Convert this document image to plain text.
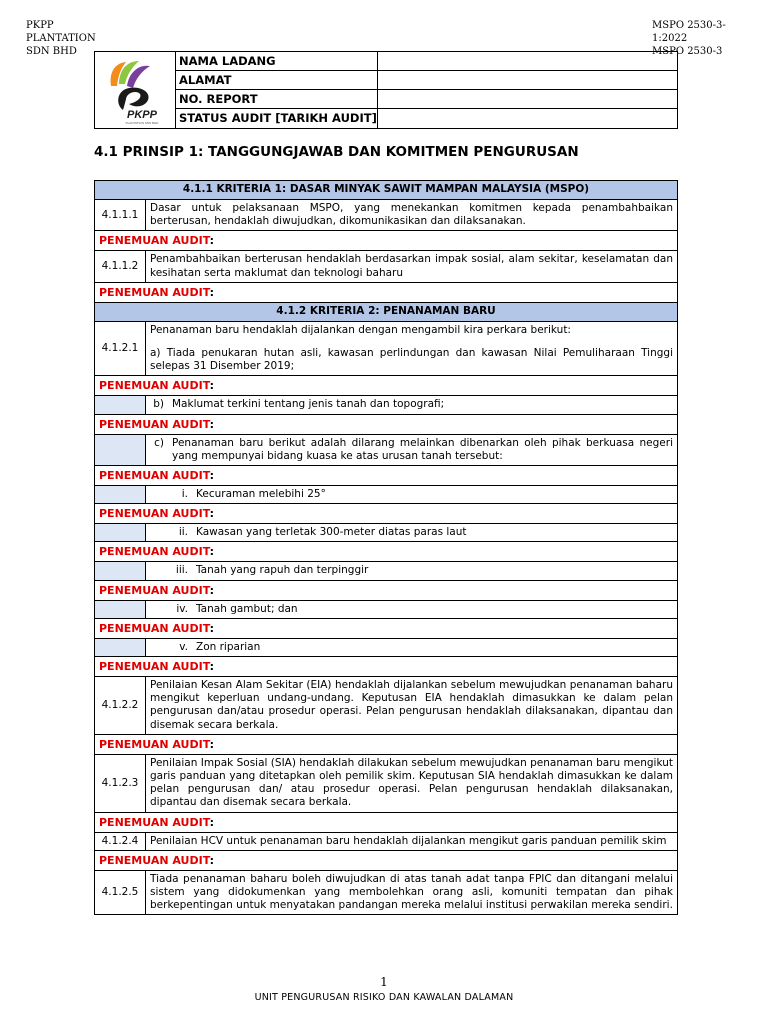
PKPP
PLANTATION
SDN BHD
MSPO 2530-3-
1:2022
MSPO 2530-3
PKPP
PLANTATION SDN BHD
NAMA LADANG
ALAMAT
NO. REPORT
STATUS AUDIT [TARIKH AUDIT]
4.1 PRINSIP 1: TANGGUNGJAWAB DAN KOMITMEN PENGURUSAN
4.1.1 KRITERIA 1: DASAR MINYAK SAWIT MAMPAN MALAYSIA (MSPO)	
4.1.1.1	Dasar untuk pelaksanaan MSPO, yang menekankan komitmen kepada penambahbaikan berterusan, hendaklah diwujudkan, dikomunikasikan dan dilaksanakan.
PENEMUAN AUDIT:	
4.1.1.2	Penambahbaikan berterusan hendaklah berdasarkan impak sosial, alam sekitar, keselamatan dan kesihatan serta maklumat dan teknologi baharu
PENEMUAN AUDIT:	
4.1.2 KRITERIA 2: PENANAMAN BARU	
4.1.2.1	Penanaman baru hendaklah dijalankan dengan mengambil kira perkara berikut:
a) Tiada penukaran hutan asli, kawasan perlindungan dan kawasan Nilai Pemuliharaan Tinggi selepas 31 Disember 2019;

PENEMUAN AUDIT:	

	b) Maklumat terkini tentang jenis tanah dan topografi;

PENEMUAN AUDIT:	

	c) Penanaman baru berikut adalah dilarang melainkan dibenarkan oleh pihak berkuasa negeri yang mempunyai bidang kuasa ke atas urusan tanah tersebut:

PENEMUAN AUDIT:	

	i. Kecuraman melebihi 25°

PENEMUAN AUDIT:	

	ii. Kawasan yang terletak 300-meter diatas paras laut

PENEMUAN AUDIT:	

	iii. Tanah yang rapuh dan terpinggir

PENEMUAN AUDIT:	

	iv. Tanah gambut; dan

PENEMUAN AUDIT:	

	v. Zon riparian

PENEMUAN AUDIT:	
4.1.2.2	Penilaian Kesan Alam Sekitar (EIA) hendaklah dijalankan sebelum mewujudkan penanaman baharu mengikut keperluan undang-undang. Keputusan EIA hendaklah dimasukkan ke dalam pelan pengurusan dan/atau prosedur operasi. Pelan pengurusan hendaklah dilaksanakan, dipantau dan disemak secara berkala.
PENEMUAN AUDIT:	
4.1.2.3	Penilaian Impak Sosial (SIA) hendaklah dilakukan sebelum mewujudkan penanaman baru mengikut garis panduan yang ditetapkan oleh pemilik skim. Keputusan SIA hendaklah dimasukkan ke dalam pelan pengurusan dan/ atau prosedur operasi. Pelan pengurusan hendaklah dilaksanakan, dipantau dan disemak secara berkala.
PENEMUAN AUDIT:	
4.1.2.4	Penilaian HCV untuk penanaman baru hendaklah dijalankan mengikut garis panduan pemilik skim
PENEMUAN AUDIT:	
4.1.2.5	Tiada penanaman baharu boleh diwujudkan di atas tanah adat tanpa FPIC dan ditangani melalui sistem yang didokumenkan yang membolehkan orang asli, komuniti tempatan dan pihak berkepentingan untuk menyatakan pandangan mereka melalui institusi perwakilan mereka sendiri.
1
UNIT PENGURUSAN RISIKO DAN KAWALAN DALAMAN
